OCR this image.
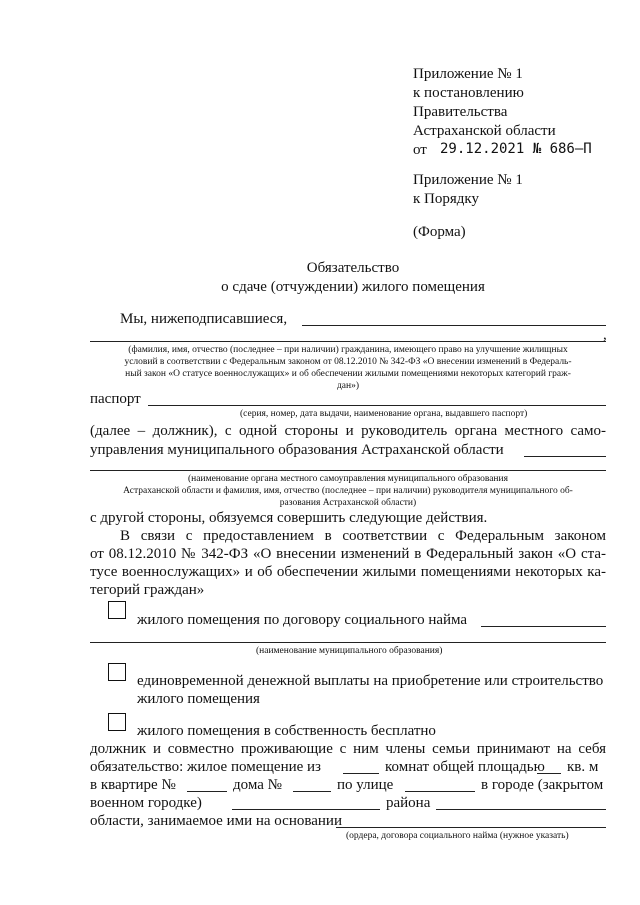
Приложение № 1
к постановлению
Правительства
Астраханской области
от 29.12.2021 № 686–П
Приложение № 1
к Порядку
(Форма)
Обязательство
о сдаче (отчуждении) жилого помещения
Мы, нижеподписавшиеся,
,
(фамилия, имя, отчество (последнее – при наличии) гражданина, имеющего право на улучшение жилищных
условий в соответствии с Федеральным законом от 08.12.2010 № 342-ФЗ «О внесении изменений в Федераль-
ный закон «О статусе военнослужащих» и об обеспечении жилыми помещениями некоторых категорий граж-
дан»)
паспорт
(серия, номер, дата выдачи, наименование органа, выдавшего паспорт)
(далее – должник), с одной стороны и руководитель органа местного само-
управления муниципального образования Астраханской области
(наименование органа местного самоуправления муниципального образования
Астраханской области и фамилия, имя, отчество (последнее – при наличии) руководителя муниципального об-
разования Астраханской области)
с другой стороны, обязуемся совершить следующие действия.
В связи с предоставлением в соответствии с Федеральным законом
от 08.12.2010 № 342-ФЗ «О внесении изменений в Федеральный закон «О ста-
тусе военнослужащих» и об обеспечении жилыми помещениями некоторых ка-
тегорий граждан»
жилого помещения по договору социального найма
(наименование муниципального образования)
единовременной денежной выплаты на приобретение или строительство
жилого помещения
жилого помещения в собственность бесплатно
должник и совместно проживающие с ним члены семьи принимают на себя
обязательство: жилое помещение из	комнат общей площадью кв. м
в квартире №	дома №	по улице	в городе (закрытом
военном городке)	района
области, занимаемое ими на основании
(ордера, договора социального найма (нужное указать)
